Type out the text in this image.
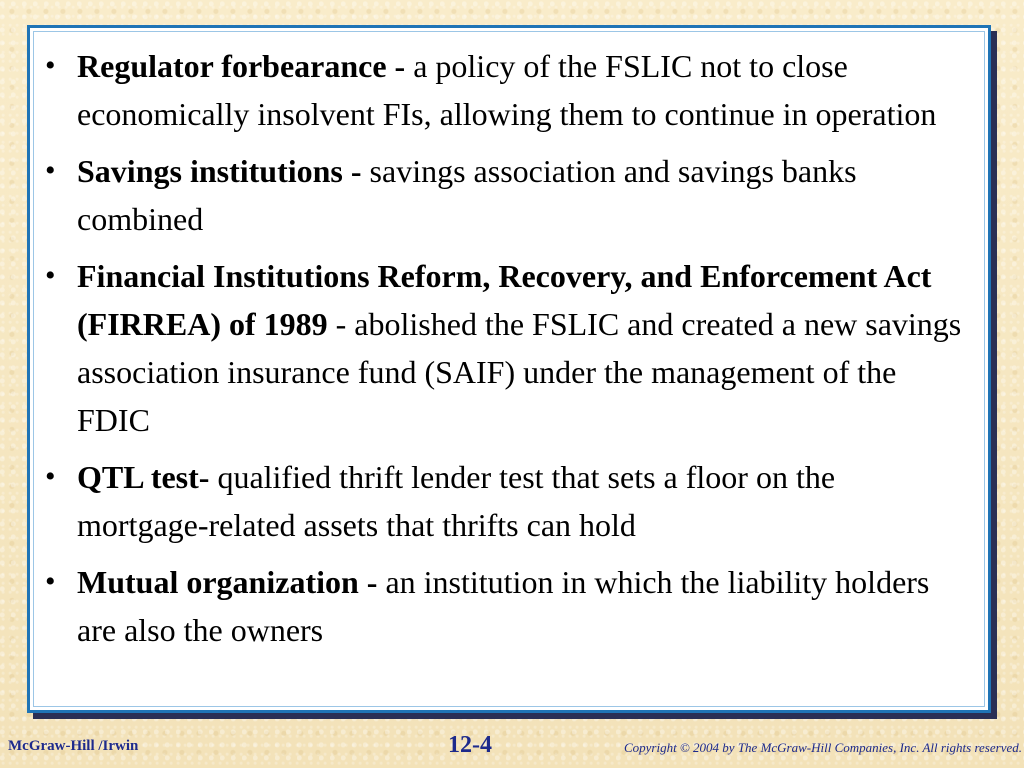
• Regulator forbearance - a policy of the FSLIC not to close economically insolvent FIs, allowing them to continue in operation
• Savings institutions - savings association and savings banks combined
• Financial Institutions Reform, Recovery, and Enforcement Act (FIRREA) of 1989 - abolished the FSLIC and created a new savings association insurance fund (SAIF) under the management of the FDIC
• QTL test- qualified thrift lender test that sets a floor on the mortgage-related assets that thrifts can hold
• Mutual organization - an institution in which the liability holders are also the owners
McGraw-Hill /Irwin	12-4	Copyright © 2004 by The McGraw-Hill Companies, Inc. All rights reserved.
